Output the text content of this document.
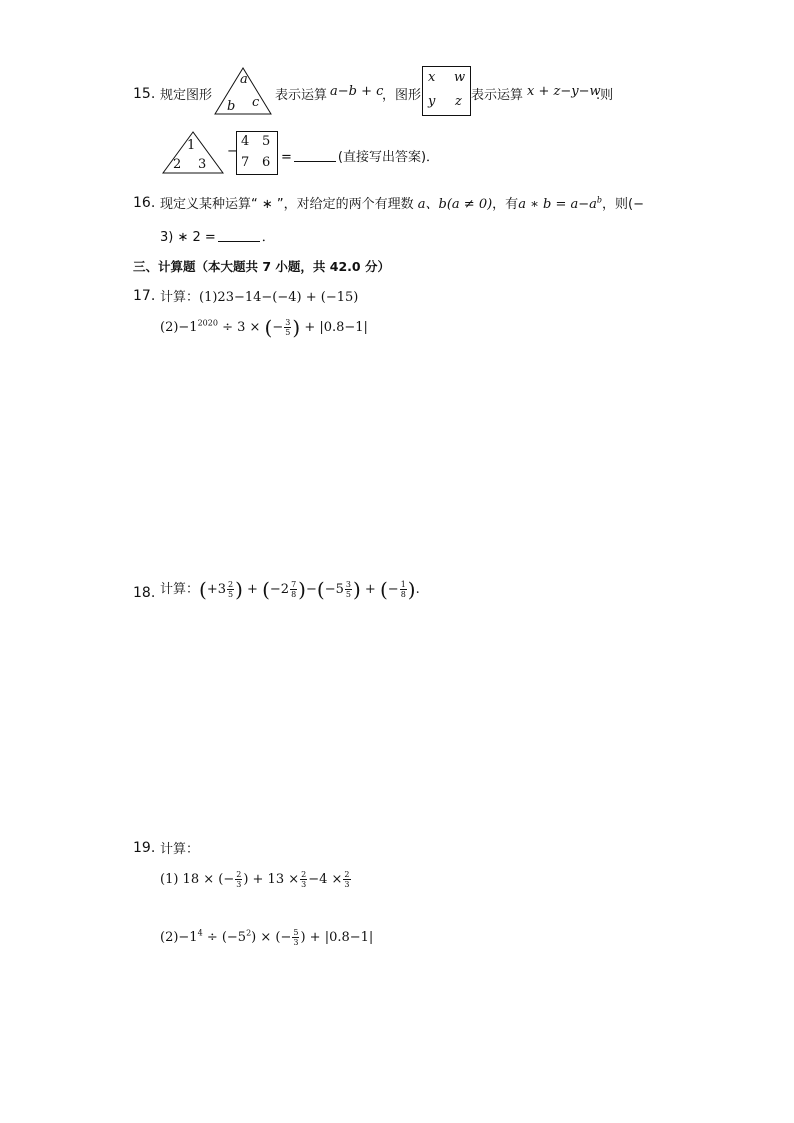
15. 规定图形
a
b c 表示运算 a−b + c
，图形
x w
y z 表示运算 x + z−y−w
.则
1
2 3
−
4 5
7 6 =	(直接写出答案)．
16. 现定义某种运算“ ∗ ”，对给定的两个有理数 a、b(a ≠ 0)，有a ∗ $b = a-a^b$，则(−
3) ∗ 2 =	．
三、计算题（本大题共 7 小题，共 42.0 分）
17. 计算：(1)23−14−(−4) + (−15)
$(2)-1^{2020} \div 3$ × (− $\frac{3}{5}$ ) + |0.8−1|
18. 计算：( $+3 \frac{2}{5}$ ) + ( $-2 \frac{7}{8}$ )−( $-5 \frac{3}{5}$ ) + ( − $\frac{1}{8}$ ).
19. 计算：
(1) 18 × (− $\frac{2}{3}$ ) + $13 \times \frac{2}{3} -4 \times \frac{2}{3}$
$(2)-1^4 \div (-5^2)$ × (− $\frac{5}{3}$ ) + |0.8−1|
